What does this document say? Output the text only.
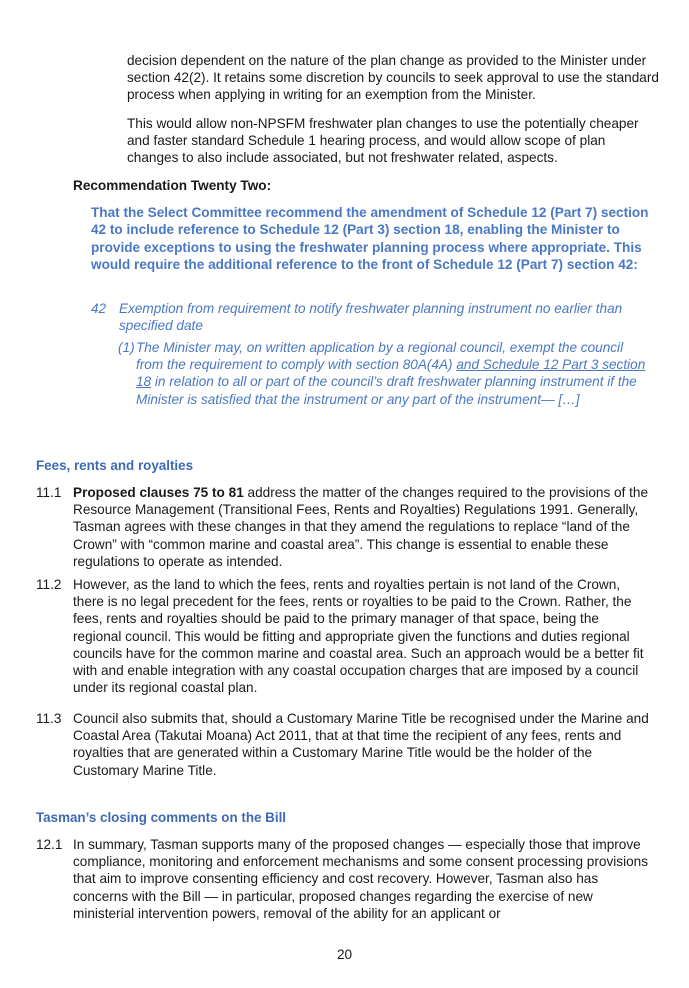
decision dependent on the nature of the plan change as provided to the Minister under section 42(2). It retains some discretion by councils to seek approval to use the standard process when applying in writing for an exemption from the Minister.

This would allow non-NPSFM freshwater plan changes to use the potentially cheaper and faster standard Schedule 1 hearing process, and would allow scope of plan changes to also include associated, but not freshwater related, aspects.

Recommendation Twenty Two:
That the Select Committee recommend the amendment of Schedule 12 (Part 7) section 42 to include reference to Schedule 12 (Part 3) section 18, enabling the Minister to provide exceptions to using the freshwater planning process where appropriate. This would require the additional reference to the front of Schedule 12 (Part 7) section 42:
42 Exemption from requirement to notify freshwater planning instrument no earlier than specified date
(1) The Minister may, on written application by a regional council, exempt the council from the requirement to comply with section 80A(4A) and Schedule 12 Part 3 section 18 in relation to all or part of the council’s draft freshwater planning instrument if the Minister is satisfied that the instrument or any part of the instrument— […]
Fees, rents and royalties
11.1 Proposed clauses 75 to 81 address the matter of the changes required to the provisions of the Resource Management (Transitional Fees, Rents and Royalties) Regulations 1991. Generally, Tasman agrees with these changes in that they amend the regulations to replace “land of the Crown” with “common marine and coastal area”. This change is essential to enable these regulations to operate as intended.
11.2 However, as the land to which the fees, rents and royalties pertain is not land of the Crown, there is no legal precedent for the fees, rents or royalties to be paid to the Crown. Rather, the fees, rents and royalties should be paid to the primary manager of that space, being the regional council. This would be fitting and appropriate given the functions and duties regional councils have for the common marine and coastal area. Such an approach would be a better fit with and enable integration with any coastal occupation charges that are imposed by a council under its regional coastal plan.
11.3 Council also submits that, should a Customary Marine Title be recognised under the Marine and Coastal Area (Takutai Moana) Act 2011, that at that time the recipient of any fees, rents and royalties that are generated within a Customary Marine Title would be the holder of the Customary Marine Title.
Tasman’s closing comments on the Bill
12.1 In summary, Tasman supports many of the proposed changes — especially those that improve compliance, monitoring and enforcement mechanisms and some consent processing provisions that aim to improve consenting efficiency and cost recovery. However, Tasman also has concerns with the Bill — in particular, proposed changes regarding the exercise of new ministerial intervention powers, removal of the ability for an applicant or
20
